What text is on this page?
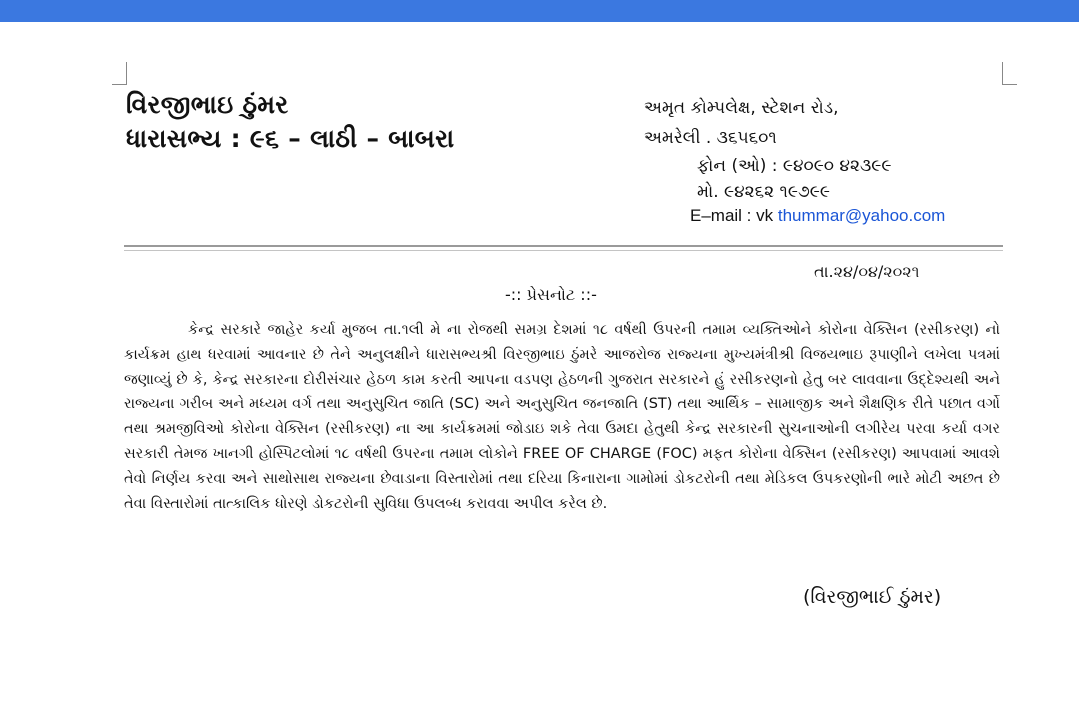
વિરજીભાઇ ઠુંમર
ધારાસભ્ય : ૯૬ – લાઠી – બાબરા
અમૃત કોમ્પલેક્ષ, સ્ટેશન રોડ,
અમરેલી . ૩૬૫૬૦૧
ફોન (ઓ) : ૯૪૦૯૦ ૪૨૩૯૯
મો. ૯૪૨૬૨ ૧૯૭૯૯
E–mail : vk thummar@yahoo.com
તા.૨૪/૦૪/૨૦૨૧
-:: પ્રેસનોટ ::-
કેન્દ્ર સરકારે જાહેર કર્યા મુજબ તા.૧લી મે ના રોજથી સમગ્ર દેશમાં ૧૮ વર્ષથી ઉપરની તમામ વ્યક્તિઓને કોરોના વેક્સિન (રસીકરણ) નો કાર્યક્રમ હાથ ધરવામાં આવનાર છે તેને અનુલક્ષીને ધારાસભ્યશ્રી વિરજીભાઇ ઠુંમરે આજરોજ રાજ્યના મુખ્યમંત્રીશ્રી વિજયભાઇ રૂપાણીને લખેલા પત્રમાં જણાવ્યું છે કે, કેન્દ્ર સરકારના દોરીસંચાર હેઠળ કામ કરતી આપના વડપણ હેઠળની ગુજરાત સરકારને હું રસીકરણનો હેતુ બર લાવવાના ઉદ્દેશ્યથી અને રાજ્યના ગરીબ અને મધ્યમ વર્ગ તથા અનુસુચિત જાતિ (SC) અને અનુસુચિત જનજાતિ (ST) તથા આર્થિક – સામાજીક અને શૈક્ષણિક રીતે પછાત વર્ગો તથા શ્રમજીવિઓ કોરોના વેક્સિન (રસીકરણ) ના આ કાર્યક્રમમાં જોડાઇ શકે તેવા ઉમદા હેતુથી કેન્દ્ર સરકારની સુચનાઓની લગીરેય પરવા કર્યા વગર સરકારી તેમજ ખાનગી હોસ્પિટલોમાં ૧૮ વર્ષથી ઉપરના તમામ લોકોને FREE OF CHARGE (FOC) મફત કોરોના વેક્સિન (રસીકરણ) આપવામાં આવશે તેવો નિર્ણય કરવા અને સાથોસાથ રાજ્યના છેવાડાના વિસ્તારોમાં તથા દરિયા કિનારાના ગામોમાં ડોકટરોની તથા મેડિકલ ઉપકરણોની ભારે મોટી અછત છે તેવા વિસ્તારોમાં તાત્કાલિક ધોરણે ડોકટરોની સુવિધા ઉપલબ્ધ કરાવવા અપીલ કરેલ છે.
(વિરજીભાઈ ઠુંમર)
